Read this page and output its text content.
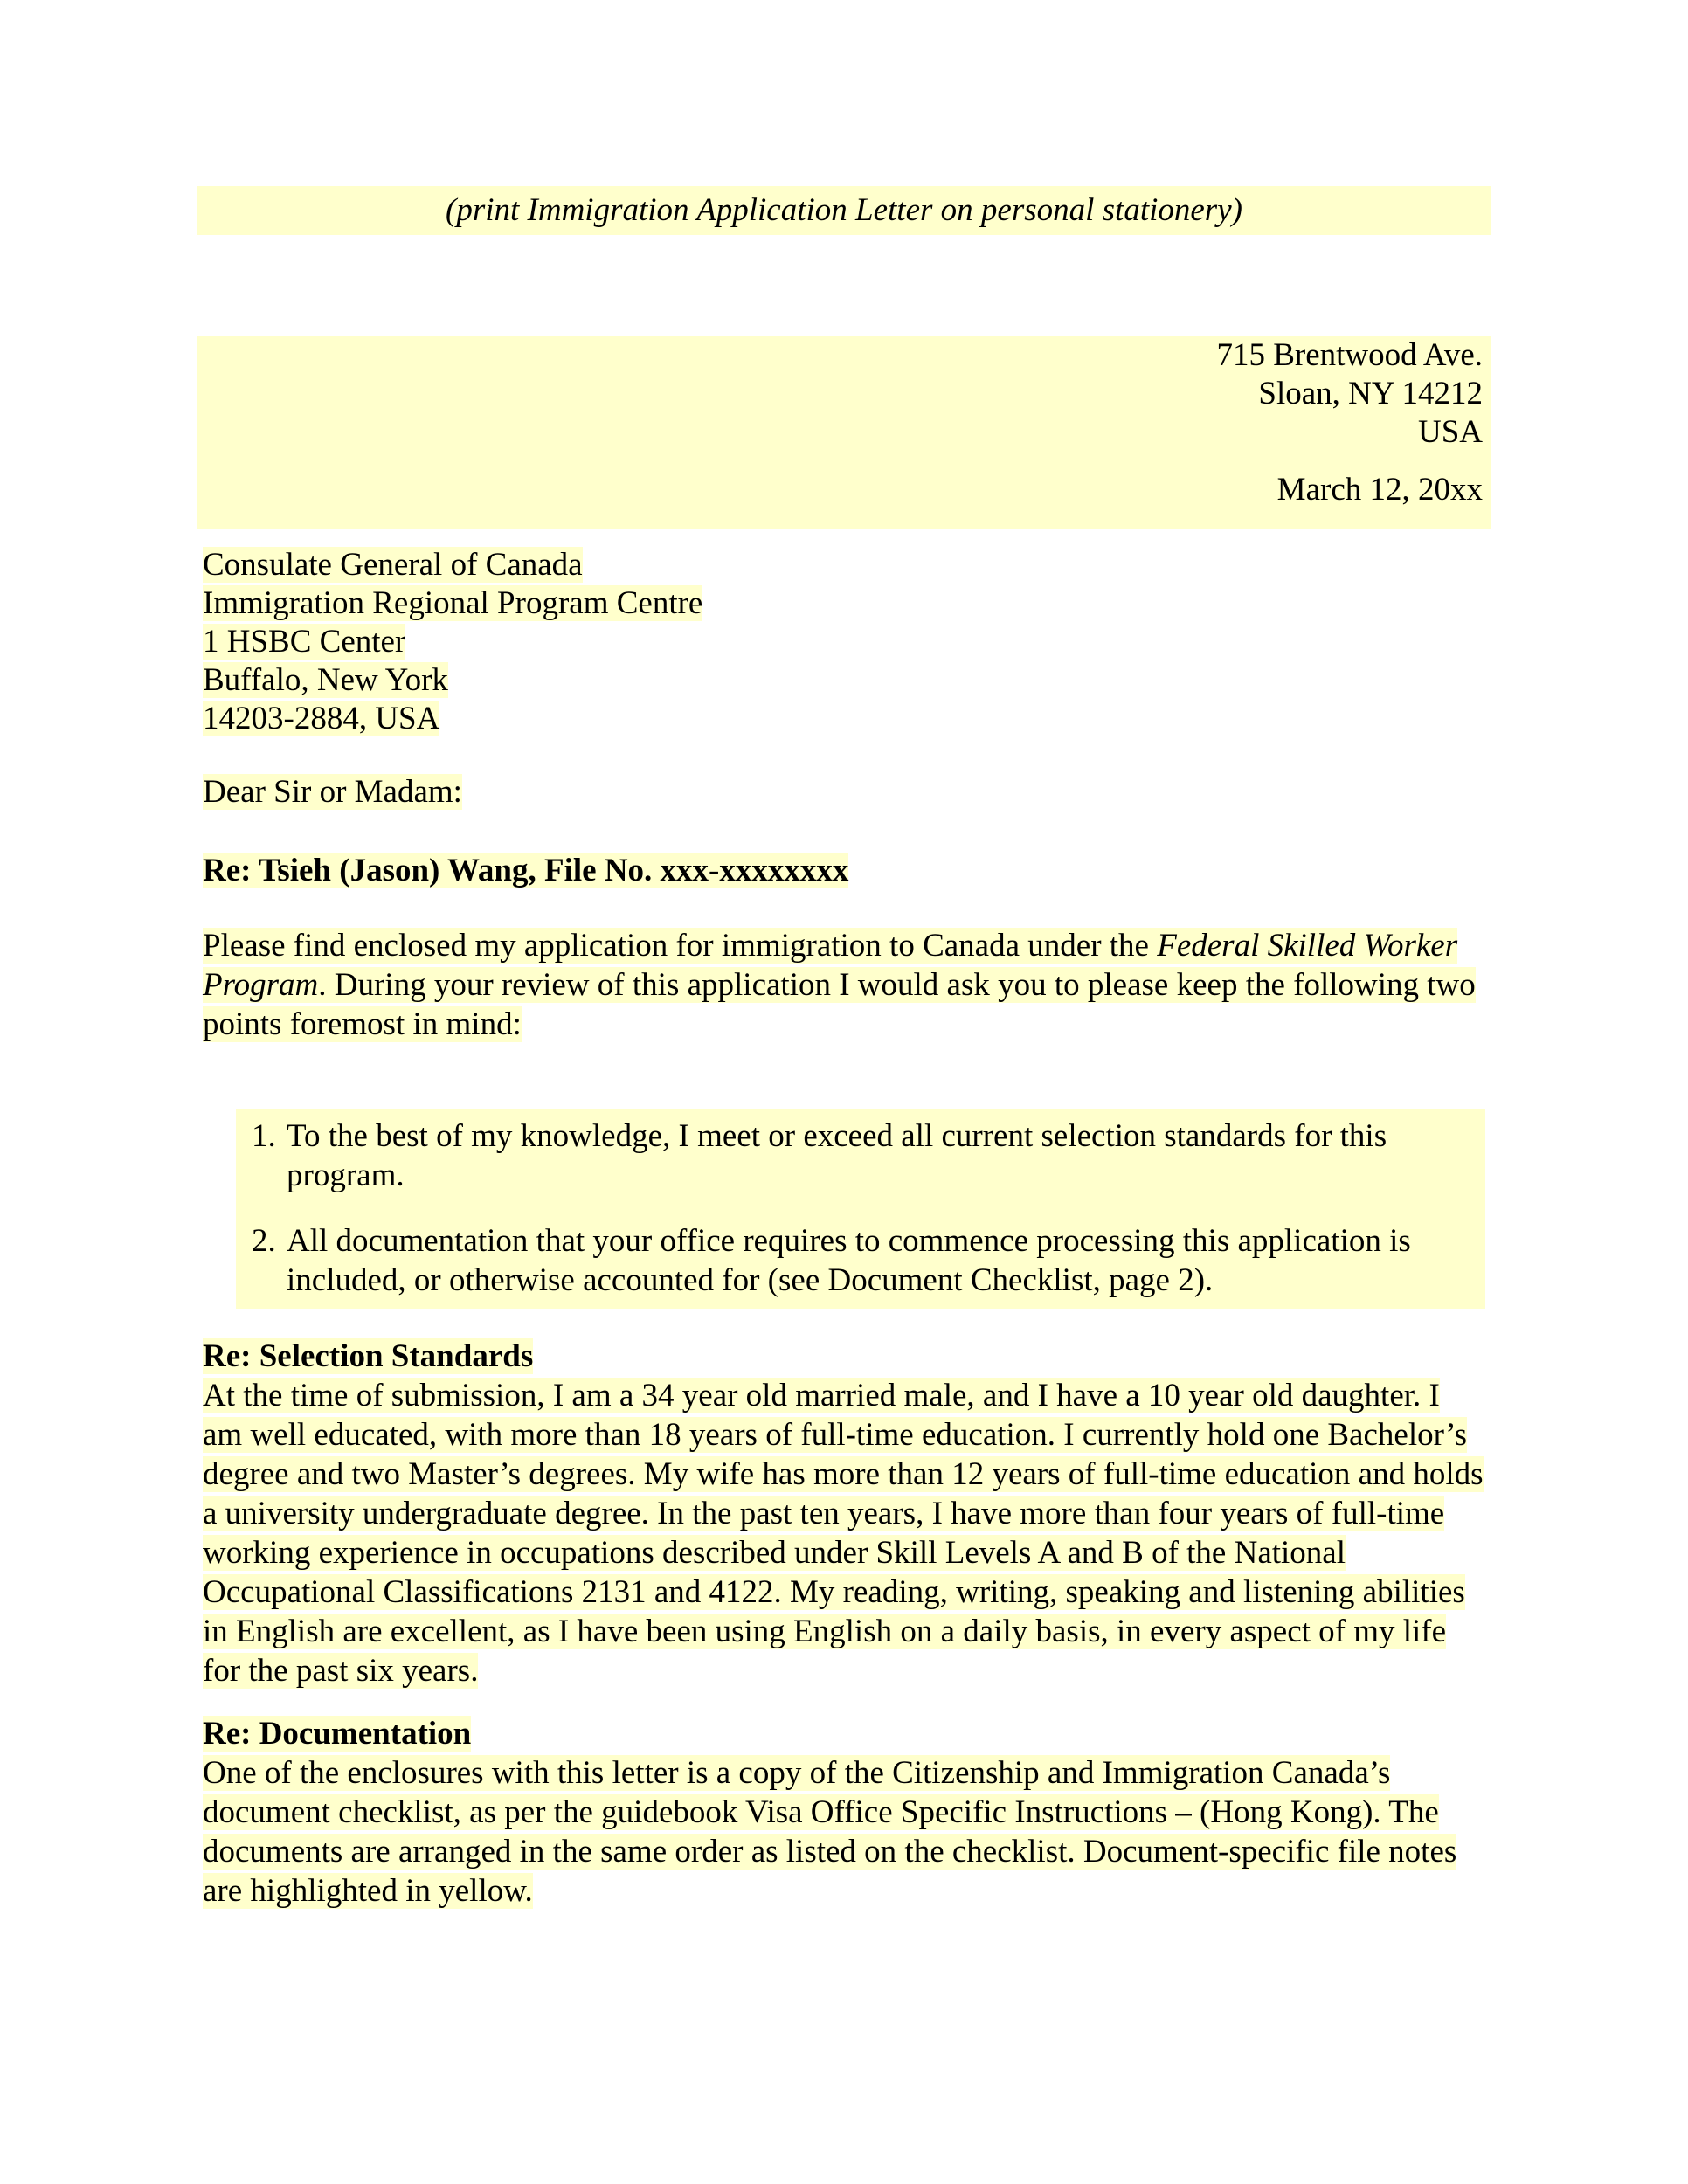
(print Immigration Application Letter on personal stationery)
715 Brentwood Ave.
Sloan, NY 14212
USA
March 12, 20xx
Consulate General of Canada
Immigration Regional Program Centre
1 HSBC Center
Buffalo, New York
14203-2884, USA
Dear Sir or Madam:
Re: Tsieh (Jason) Wang, File No. xxx-xxxxxxxx

Please find enclosed my application for immigration to Canada under the Federal Skilled Worker Program. During your review of this application I would ask you to please keep the following two points foremost in mind:

1. To the best of my knowledge, I meet or exceed all current selection standards for this program.
2. All documentation that your office requires to commence processing this application is included, or otherwise accounted for (see Document Checklist, page 2).
Re: Selection Standards

At the time of submission, I am a 34 year old married male, and I have a 10 year old daughter. I am well educated, with more than 18 years of full-time education. I currently hold one Bachelor’s degree and two Master’s degrees. My wife has more than 12 years of full-time education and holds a university undergraduate degree. In the past ten years, I have more than four years of full-time working experience in occupations described under Skill Levels A and B of the National Occupational Classifications 2131 and 4122. My reading, writing, speaking and listening abilities in English are excellent, as I have been using English on a daily basis, in every aspect of my life for the past six years.

Re: Documentation

One of the enclosures with this letter is a copy of the Citizenship and Immigration Canada’s document checklist, as per the guidebook Visa Office Specific Instructions – (Hong Kong). The documents are arranged in the same order as listed on the checklist. Document-specific file notes are highlighted in yellow.
